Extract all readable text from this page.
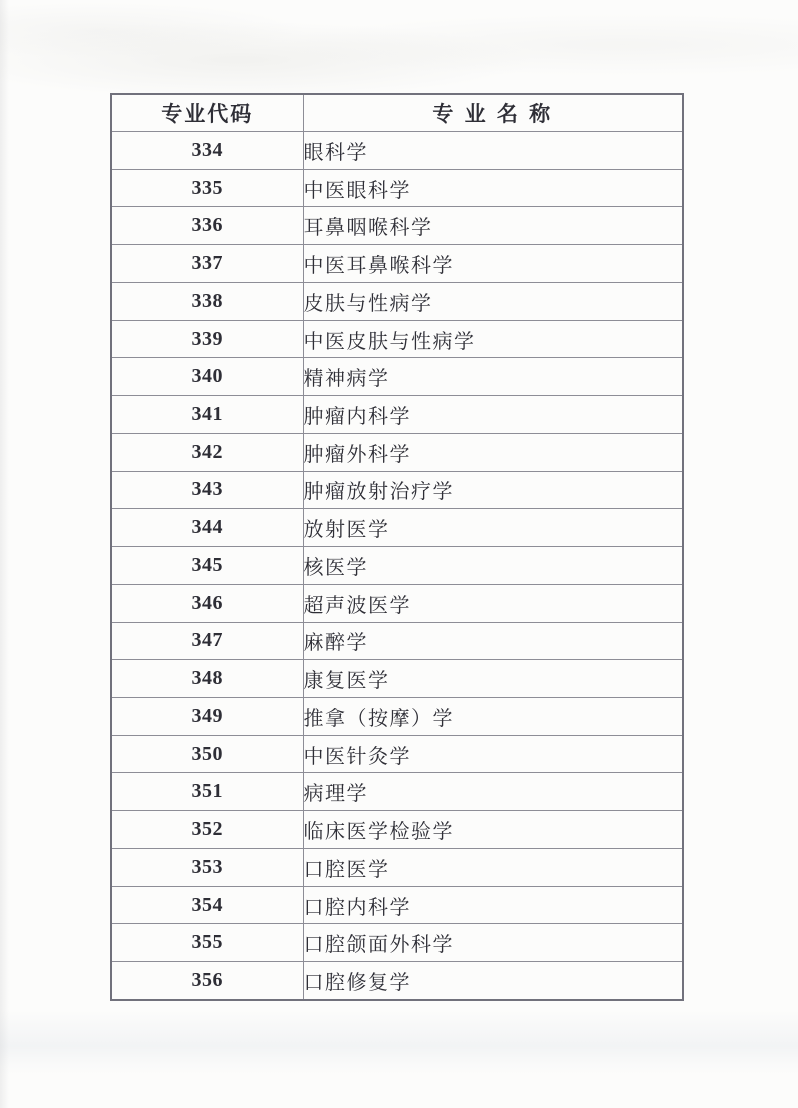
专业代码	专 业 名 称
334	眼科学
335	中医眼科学
336	耳鼻咽喉科学
337	中医耳鼻喉科学
338	皮肤与性病学
339	中医皮肤与性病学
340	精神病学
341	肿瘤内科学
342	肿瘤外科学
343	肿瘤放射治疗学
344	放射医学
345	核医学
346	超声波医学
347	麻醉学
348	康复医学
349	推拿（按摩）学
350	中医针灸学
351	病理学
352	临床医学检验学
353	口腔医学
354	口腔内科学
355	口腔颌面外科学
356	口腔修复学
